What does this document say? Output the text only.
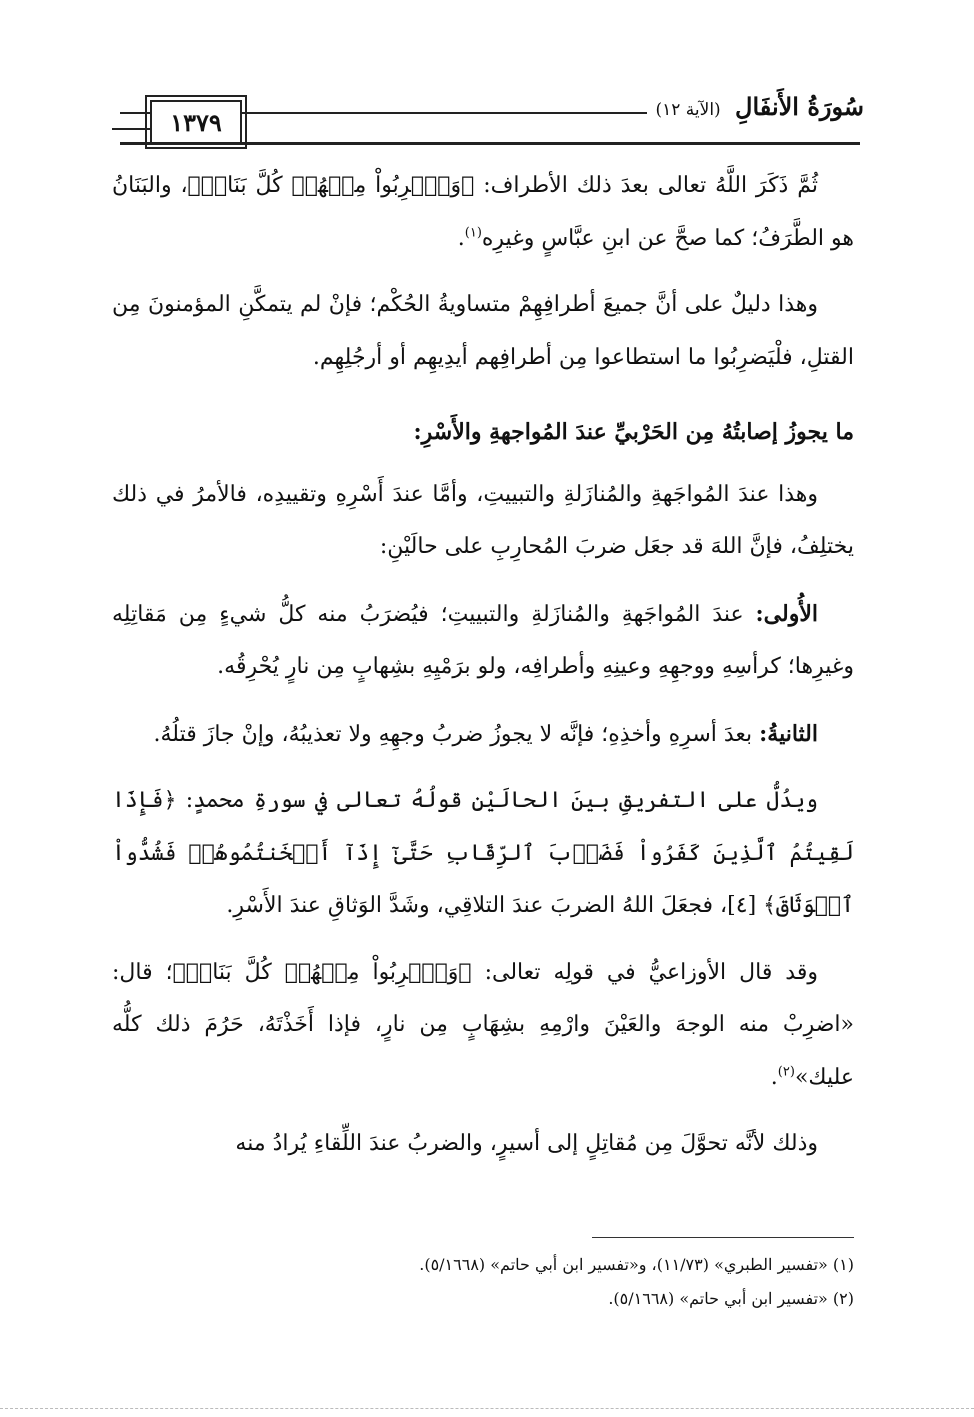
١٣٧٩
سُورَةُ الأَنفَالِ (الآية ١٢)

ثُمَّ ذَكَرَ اللَّهُ تعالى بعدَ ذلك الأطراف: ﴿وَٱضۡرِبُواْ مِنۡهُمۡ كُلَّ بَنَانٖ﴾، والبَنَانُ هو الطَّرَفُ؛ كما صحَّ عن ابنِ عبَّاسٍ وغيرِه$^{(١)}$.

وهذا دليلٌ على أنَّ جميعَ أطرافِهِمْ متساويةُ الحُكْم؛ فإنْ لم يتمكَّنِ المؤمنونَ مِن القتلِ، فلْيَضرِبُوا ما استطاعوا مِن أطرافِهم أيدِيهِم أو أرجُلِهِم.

ما يجوزُ إصابتُهُ مِن الحَرْبيِّ عندَ المُواجهةِ والأَسْرِ:

وهذا عندَ المُواجَهةِ والمُنازَلةِ والتبييتِ، وأمَّا عندَ أَسْرِهِ وتقييدِه، فالأمرُ في ذلك يختلِفُ، فإنَّ اللهَ قد جعَل ضربَ المُحارِبِ على حالَيْنِ:

الأُولى: عندَ المُواجَهةِ والمُنازَلةِ والتبييتِ؛ فيُضرَبُ منه كلُّ شيءٍ مِن مَقاتِلِه وغيرِها؛ كرأسِهِ ووجهِهِ وعينِهِ وأطرافِه، ولو برَمْيِهِ بشِهابٍ مِن نارٍ يُحْرِقُه.

الثانيةُ: بعدَ أسرِهِ وأخذِهِ؛ فإنَّه لا يجوزُ ضربُ وجهِهِ ولا تعذيبُهُ، وإنْ جازَ قتلُهُ.

ويدُلُّ على التفريقِ بينَ الحالَيْنِ قولُهُ تعالى في سورةِ محمدٍ: ﴿فَإِذَا لَقِيتُمُ ٱلَّذِينَ كَفَرُواْ فَضَرۡبَ ٱلرِّقَابِ حَتَّىٰٓ إِذَآ أَثۡخَنتُمُوهُمۡ فَشُدُّواْ ٱلۡوَثَاقَ﴾ [٤]، فجعَلَ اللهُ الضربَ عندَ التلاقِي، وشَدَّ الوَثاقِ عندَ الأَسْرِ.

وقد قال الأوزاعيُّ في قولِه تعالى: ﴿وَٱضۡرِبُواْ مِنۡهُمۡ كُلَّ بَنَانٖ﴾؛ قال: «اضرِبْ منه الوجهَ والعَيْنَ وارْمِهِ بشِهَابٍ مِن نارٍ، فإذا أَخَذْتَهُ، حَرُمَ ذلك كلُّه عليك»$^{(٢)}$.

وذلك لأنَّه تحوَّلَ مِن مُقاتِلٍ إلى أسيرٍ، والضربُ عندَ اللِّقاءِ يُرادُ منه

(١) «تفسير الطبري» (١١/٧٣)، و«تفسير ابن أبي حاتم» (٥/١٦٦٨).
(٢) «تفسير ابن أبي حاتم» (٥/١٦٦٨).
